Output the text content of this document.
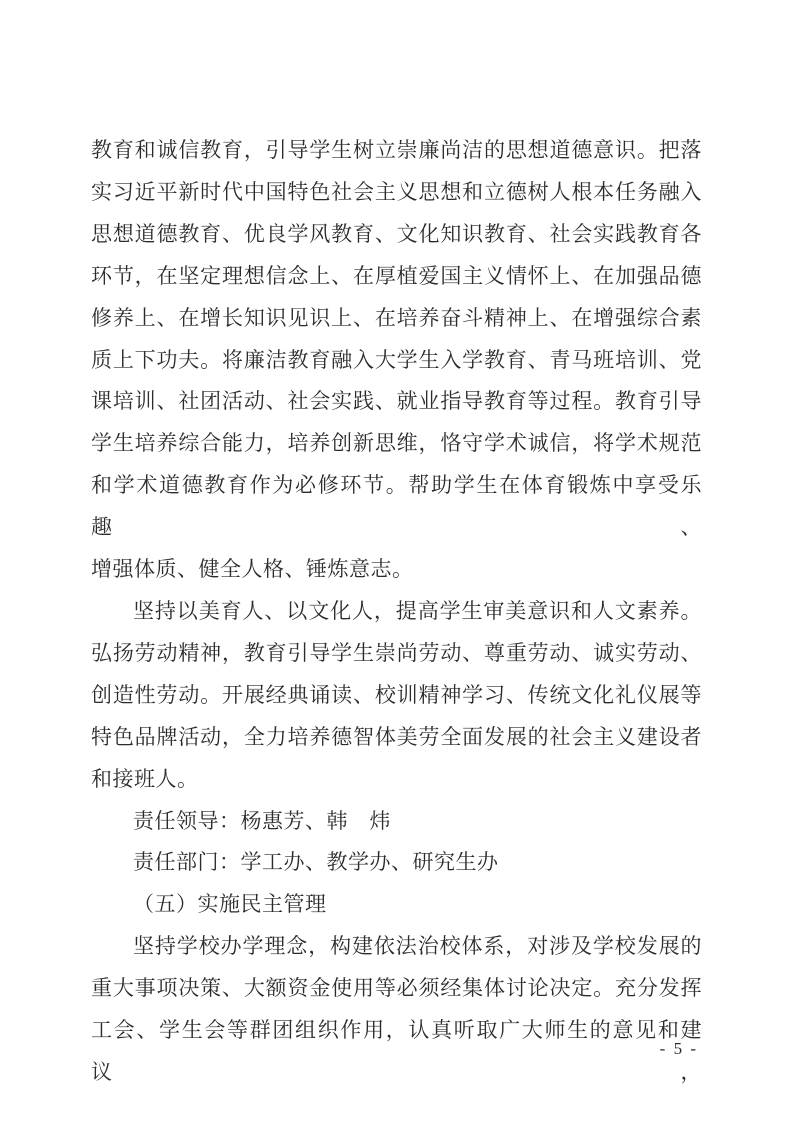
教育和诚信教育，引导学生树立崇廉尚洁的思想道德意识。把落
实习近平新时代中国特色社会主义思想和立德树人根本任务融入
思想道德教育、优良学风教育、文化知识教育、社会实践教育各
环节，在坚定理想信念上、在厚植爱国主义情怀上、在加强品德
修养上、在增长知识见识上、在培养奋斗精神上、在增强综合素
质上下功夫。将廉洁教育融入大学生入学教育、青马班培训、党
课培训、社团活动、社会实践、就业指导教育等过程。教育引导
学生培养综合能力，培养创新思维，恪守学术诚信，将学术规范
和学术道德教育作为必修环节。帮助学生在体育锻炼中享受乐趣、
增强体质、健全人格、锤炼意志。
坚持以美育人、以文化人，提高学生审美意识和人文素养。
弘扬劳动精神，教育引导学生崇尚劳动、尊重劳动、诚实劳动、
创造性劳动。开展经典诵读、校训精神学习、传统文化礼仪展等
特色品牌活动，全力培养德智体美劳全面发展的社会主义建设者
和接班人。
责任领导：杨惠芳、韩　炜
责任部门：学工办、教学办、研究生办
（五）实施民主管理
坚持学校办学理念，构建依法治校体系，对涉及学校发展的
重大事项决策、大额资金使用等必须经集体讨论决定。充分发挥
工会、学生会等群团组织作用，认真听取广大师生的意见和建议，
- 5 -
